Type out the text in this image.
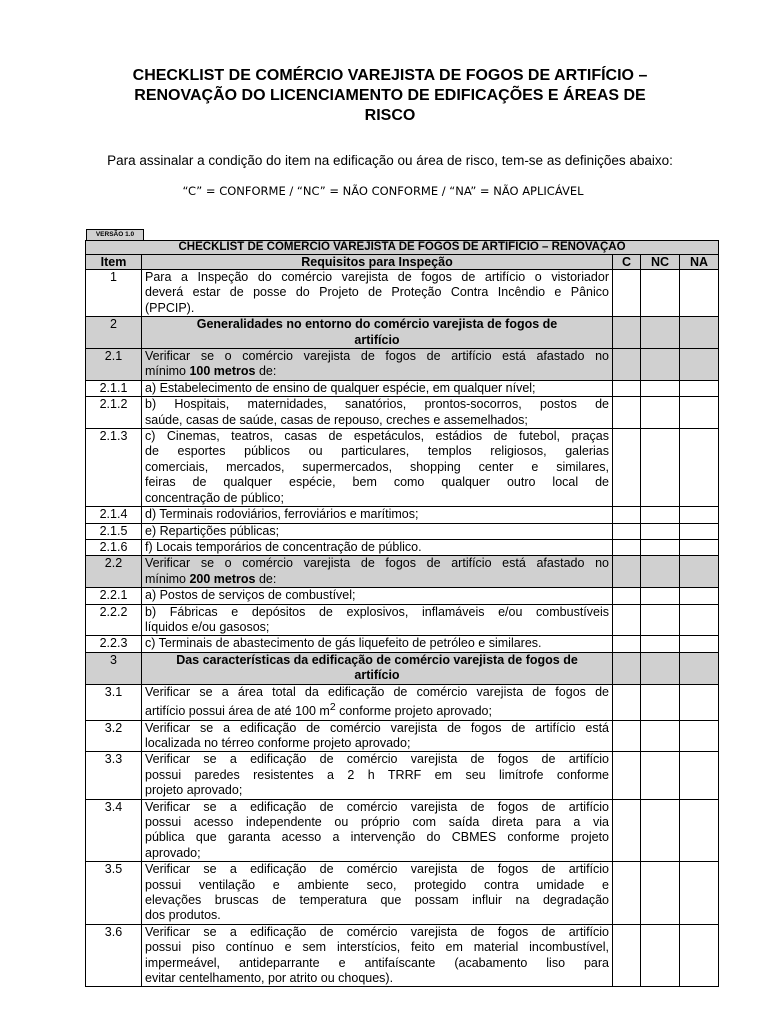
CHECKLIST DE COMÉRCIO VAREJISTA DE FOGOS DE ARTIFÍCIO –
RENOVAÇÃO DO LICENCIAMENTO DE EDIFICAÇÕES E ÁREAS DE
RISCO
Para assinalar a condição do item na edificação ou área de risco, tem-se as definições abaixo:
“C” = CONFORME / “NC” = NÃO CONFORME / “NA” = NÃO APLICÁVEL
VERSÃO 1.0
CHECKLIST DE COMÉRCIO VAREJISTA DE FOGOS DE ARTIFÍCIO – RENOVAÇÃO				
Item	Requisitos para Inspeção	C	NC	NA
1	Para a Inspeção do comércio varejista de fogos de artifício o vistoriador
deverá estar de posse do Projeto de Proteção Contra Incêndio e Pânico
(PPCIP).			

2	Generalidades no entorno do comércio varejista de fogos de
artifício			

2.1	Verificar se o comércio varejista de fogos de artifício está afastado no
mínimo 100 metros de:			

2.1.1	a) Estabelecimento de ensino de qualquer espécie, em qualquer nível;			

2.1.2	b) Hospitais, maternidades, sanatórios, prontos-socorros, postos de
saúde, casas de saúde, casas de repouso, creches e assemelhados;			

2.1.3	c) Cinemas, teatros, casas de espetáculos, estádios de futebol, praças
de esportes públicos ou particulares, templos religiosos, galerias
comerciais, mercados, supermercados, shopping center e similares,
feiras de qualquer espécie, bem como qualquer outro local de
concentração de público;			

2.1.4	d) Terminais rodoviários, ferroviários e marítimos;			

2.1.5	e) Repartições públicas;			

2.1.6	f) Locais temporários de concentração de público.			

2.2	Verificar se o comércio varejista de fogos de artifício está afastado no
mínimo 200 metros de:			

2.2.1	a) Postos de serviços de combustível;			

2.2.2	b) Fábricas e depósitos de explosivos, inflamáveis e/ou combustíveis
líquidos e/ou gasosos;			

2.2.3	c) Terminais de abastecimento de gás liquefeito de petróleo e similares.			

3	Das características da edificação de comércio varejista de fogos de
artifício			

3.1	Verificar se a área total da edificação de comércio varejista de fogos de
artifício possui área de até 100 $m^2$ conforme projeto aprovado;			

3.2	Verificar se a edificação de comércio varejista de fogos de artifício está
localizada no térreo conforme projeto aprovado;			

3.3	Verificar se a edificação de comércio varejista de fogos de artifício
possui paredes resistentes a 2 h TRRF em seu limítrofe conforme
projeto aprovado;			

3.4	Verificar se a edificação de comércio varejista de fogos de artifício
possui acesso independente ou próprio com saída direta para a via
pública que garanta acesso a intervenção do CBMES conforme projeto
aprovado;			

3.5	Verificar se a edificação de comércio varejista de fogos de artifício
possui ventilação e ambiente seco, protegido contra umidade e
elevações bruscas de temperatura que possam influir na degradação
dos produtos.			

3.6	Verificar se a edificação de comércio varejista de fogos de artifício
possui piso contínuo e sem interstícios, feito em material incombustível,
impermeável, antideparrante e antifaíscante (acabamento liso para
evitar centelhamento, por atrito ou choques).			
